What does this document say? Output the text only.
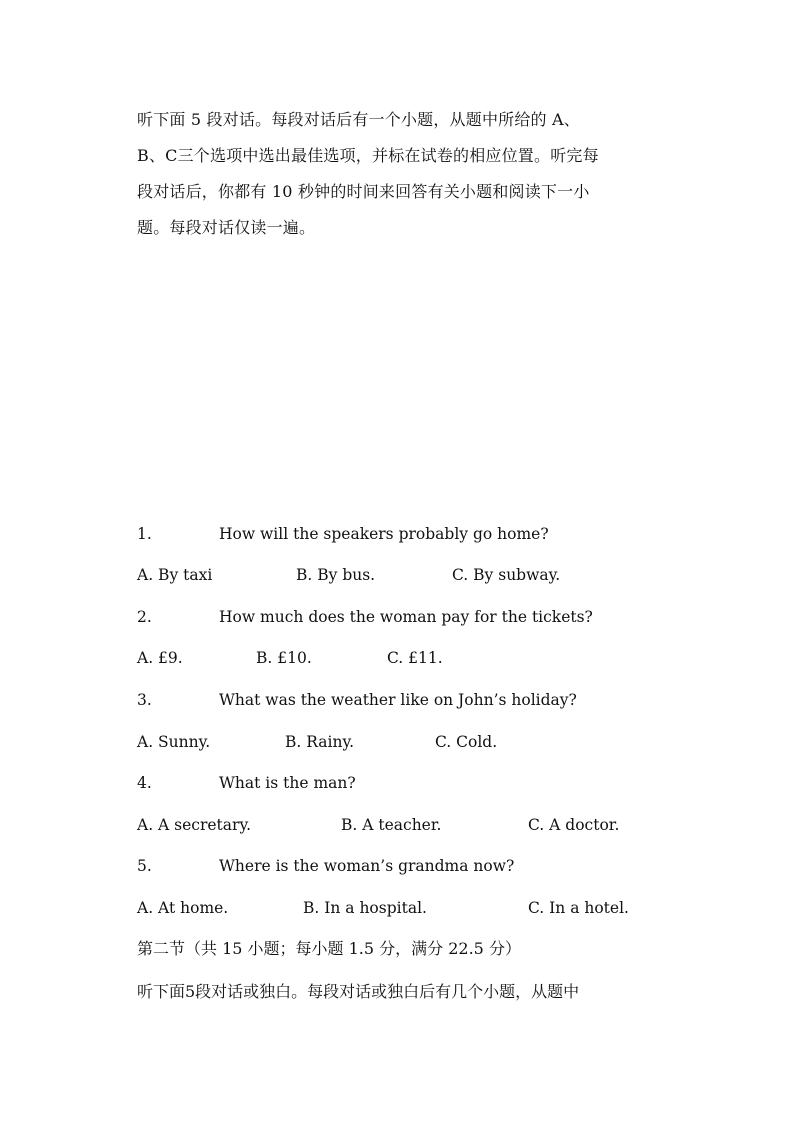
听下面 5 段对话。每段对话后有一个小题，从题中所给的 A、

B、C三个选项中选出最佳选项，并标在试卷的相应位置。听完每

段对话后，你都有 10 秒钟的时间来回答有关小题和阅读下一小

题。每段对话仅读一遍。

1.	How will the speakers probably go home?
A. By taxi	B. By bus.	C. By subway.
2.	How much does the woman pay for the tickets?
A. £9.	B. £10.	C. £11.
3.	What was the weather like on John’s holiday?
A. Sunny.	B. Rainy.	C. Cold.
4.	What is the man?
A. A secretary.	B. A teacher.	C. A doctor.
5.	Where is the woman’s grandma now?
A. At home.	B. In a hospital.	C. In a hotel.
第二节（共 15 小题；每小题 1.5 分，满分 22.5 分）
听下面5段对话或独白。每段对话或独白后有几个小题，从题中
